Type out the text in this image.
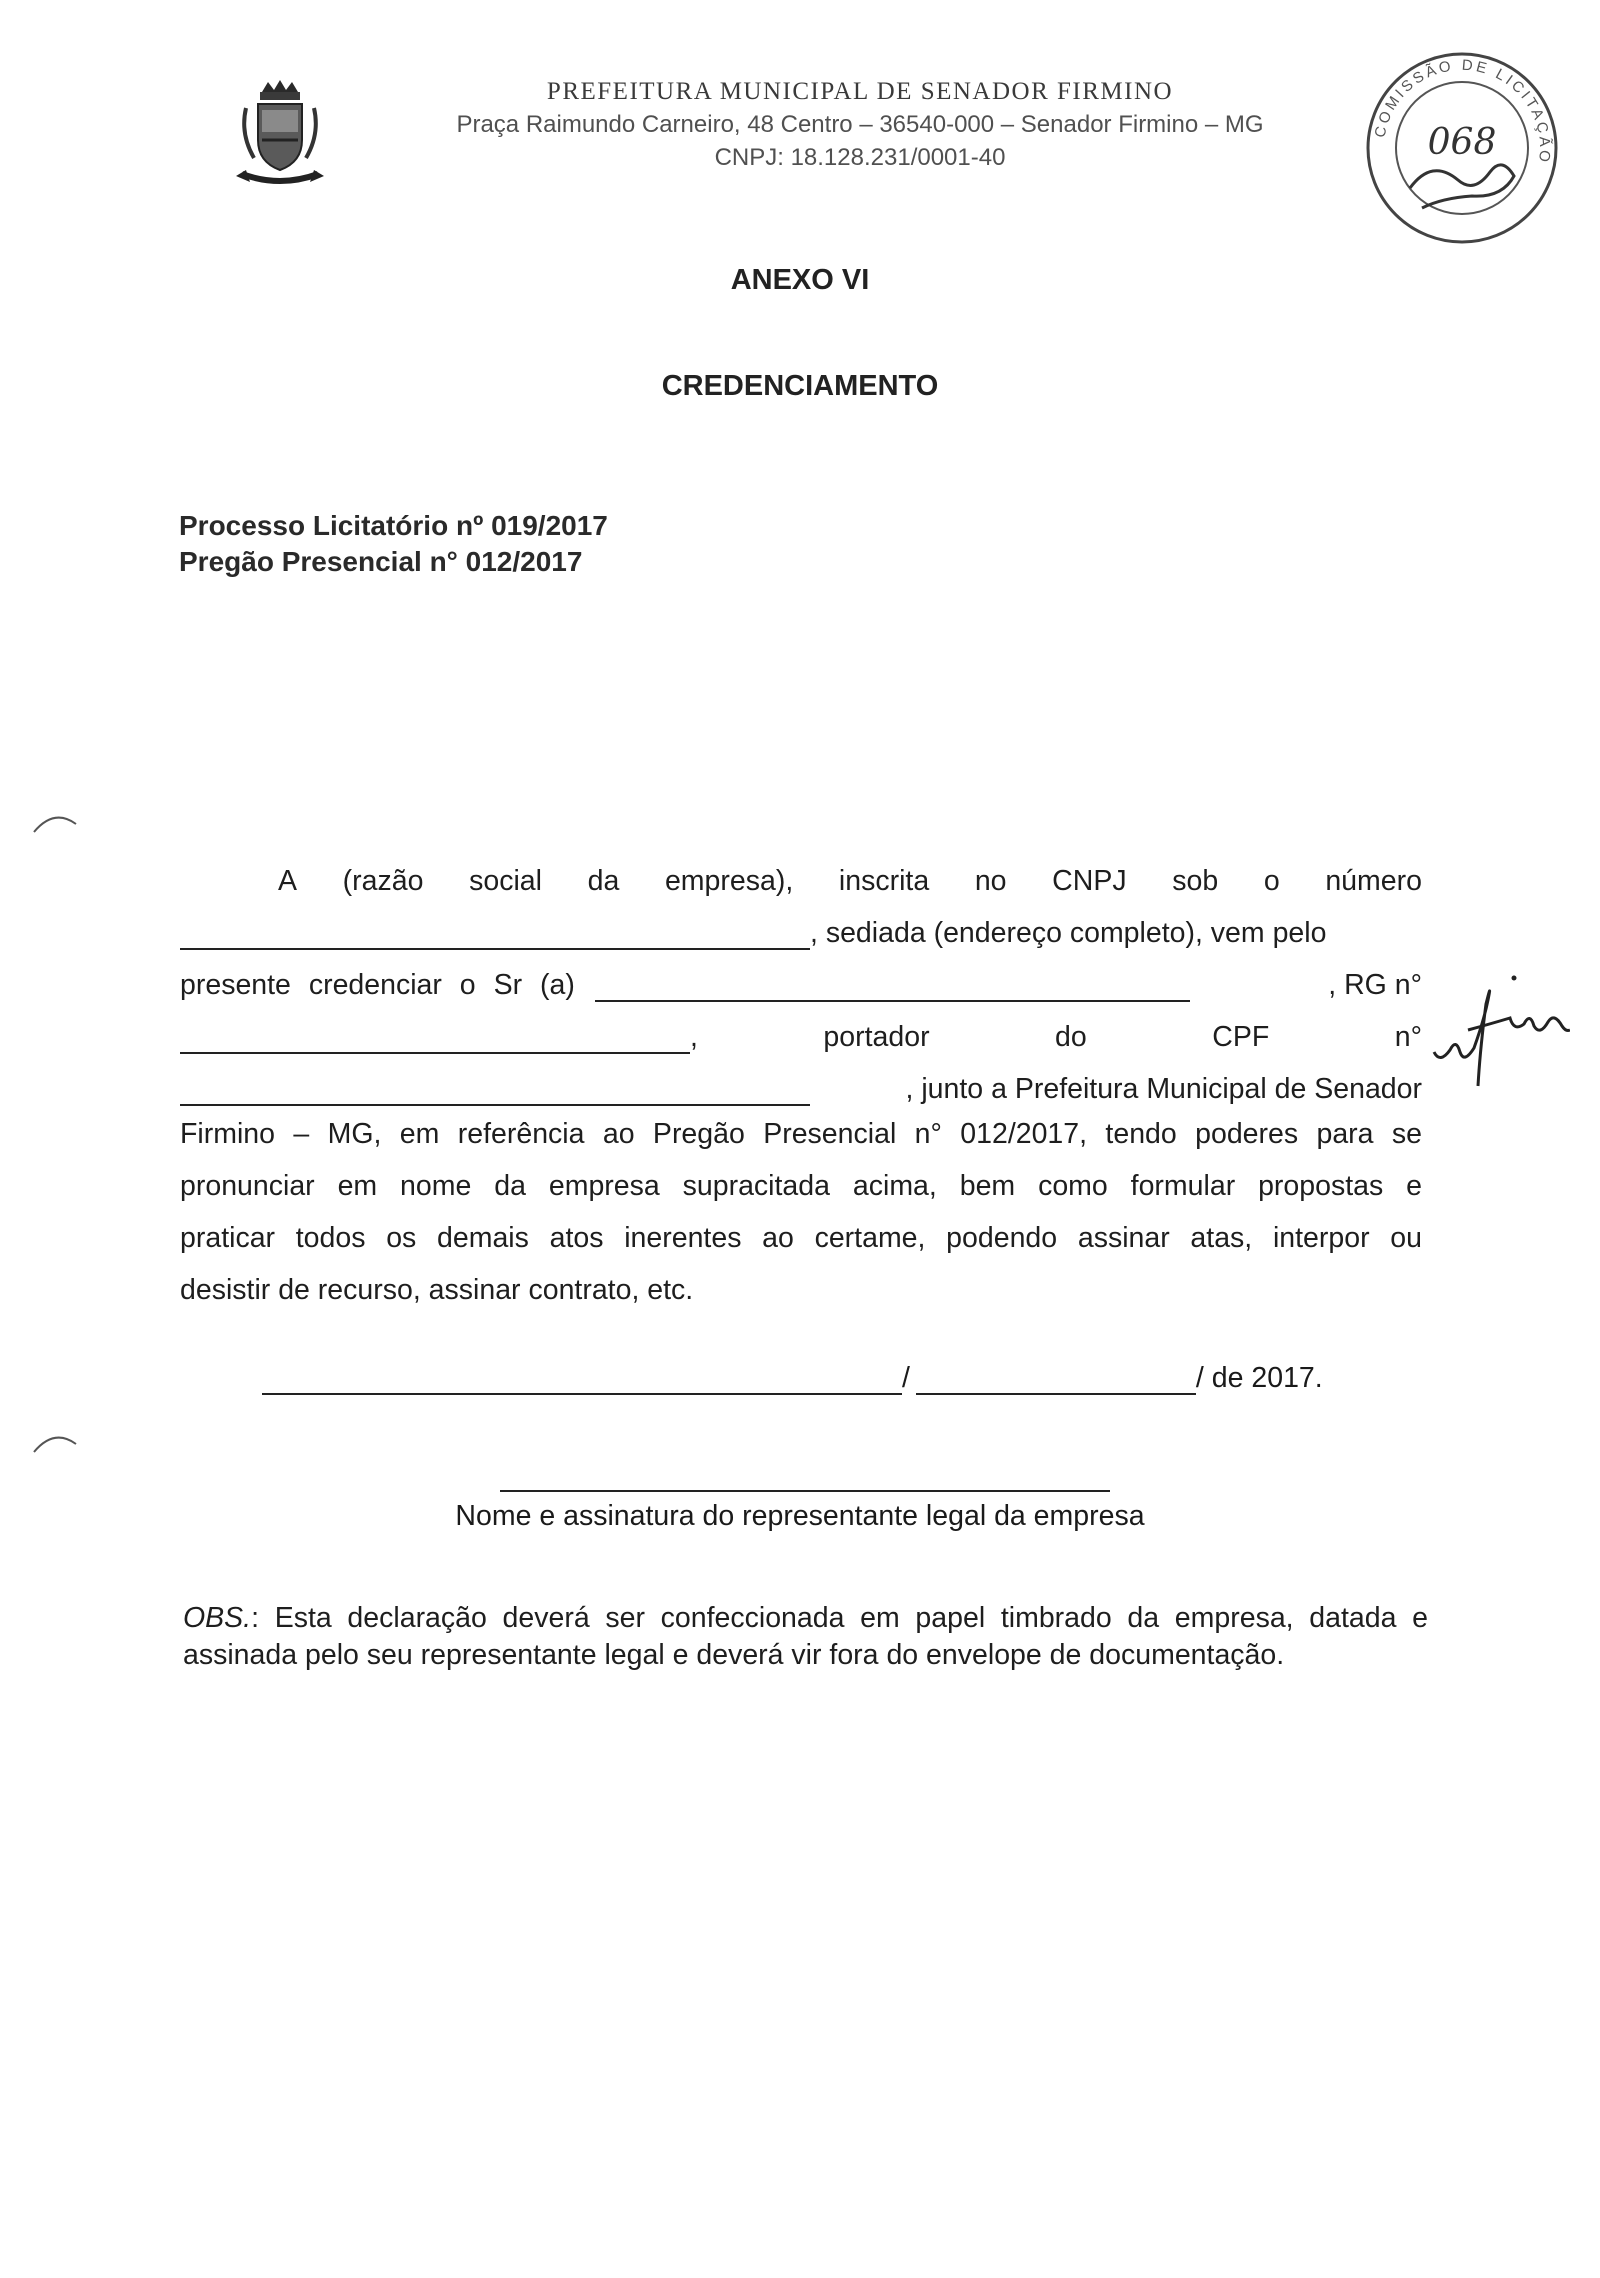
PREFEITURA MUNICIPAL DE SENADOR FIRMINO
Praça Raimundo Carneiro, 48 Centro – 36540-000 – Senador Firmino – MG
CNPJ: 18.128.231/0001-40
COMISSÃO DE LICITAÇÃO
068
ANEXO VI
CREDENCIAMENTO
Processo Licitatório nº 019/2017
Pregão Presencial n° 012/2017
A (razão social da empresa), inscrita no CNPJ sob o número
, sediada (endereço completo), vem pelo
presente credenciar o Sr (a)	, RG n°
,	portador	do	CPF	n°
, junto a Prefeitura Municipal de Senador
Firmino – MG, em referência ao Pregão Presencial n° 012/2017, tendo poderes para se
pronunciar em nome da empresa supracitada acima, bem como formular propostas e
praticar todos os demais atos inerentes ao certame, podendo assinar atas, interpor ou
desistir de recurso, assinar contrato, etc.
/	/ de 2017.
Nome e assinatura do representante legal da empresa
OBS.: Esta declaração deverá ser confeccionada em papel timbrado da empresa, datada e assinada pelo seu representante legal e deverá vir fora do envelope de documentação.
